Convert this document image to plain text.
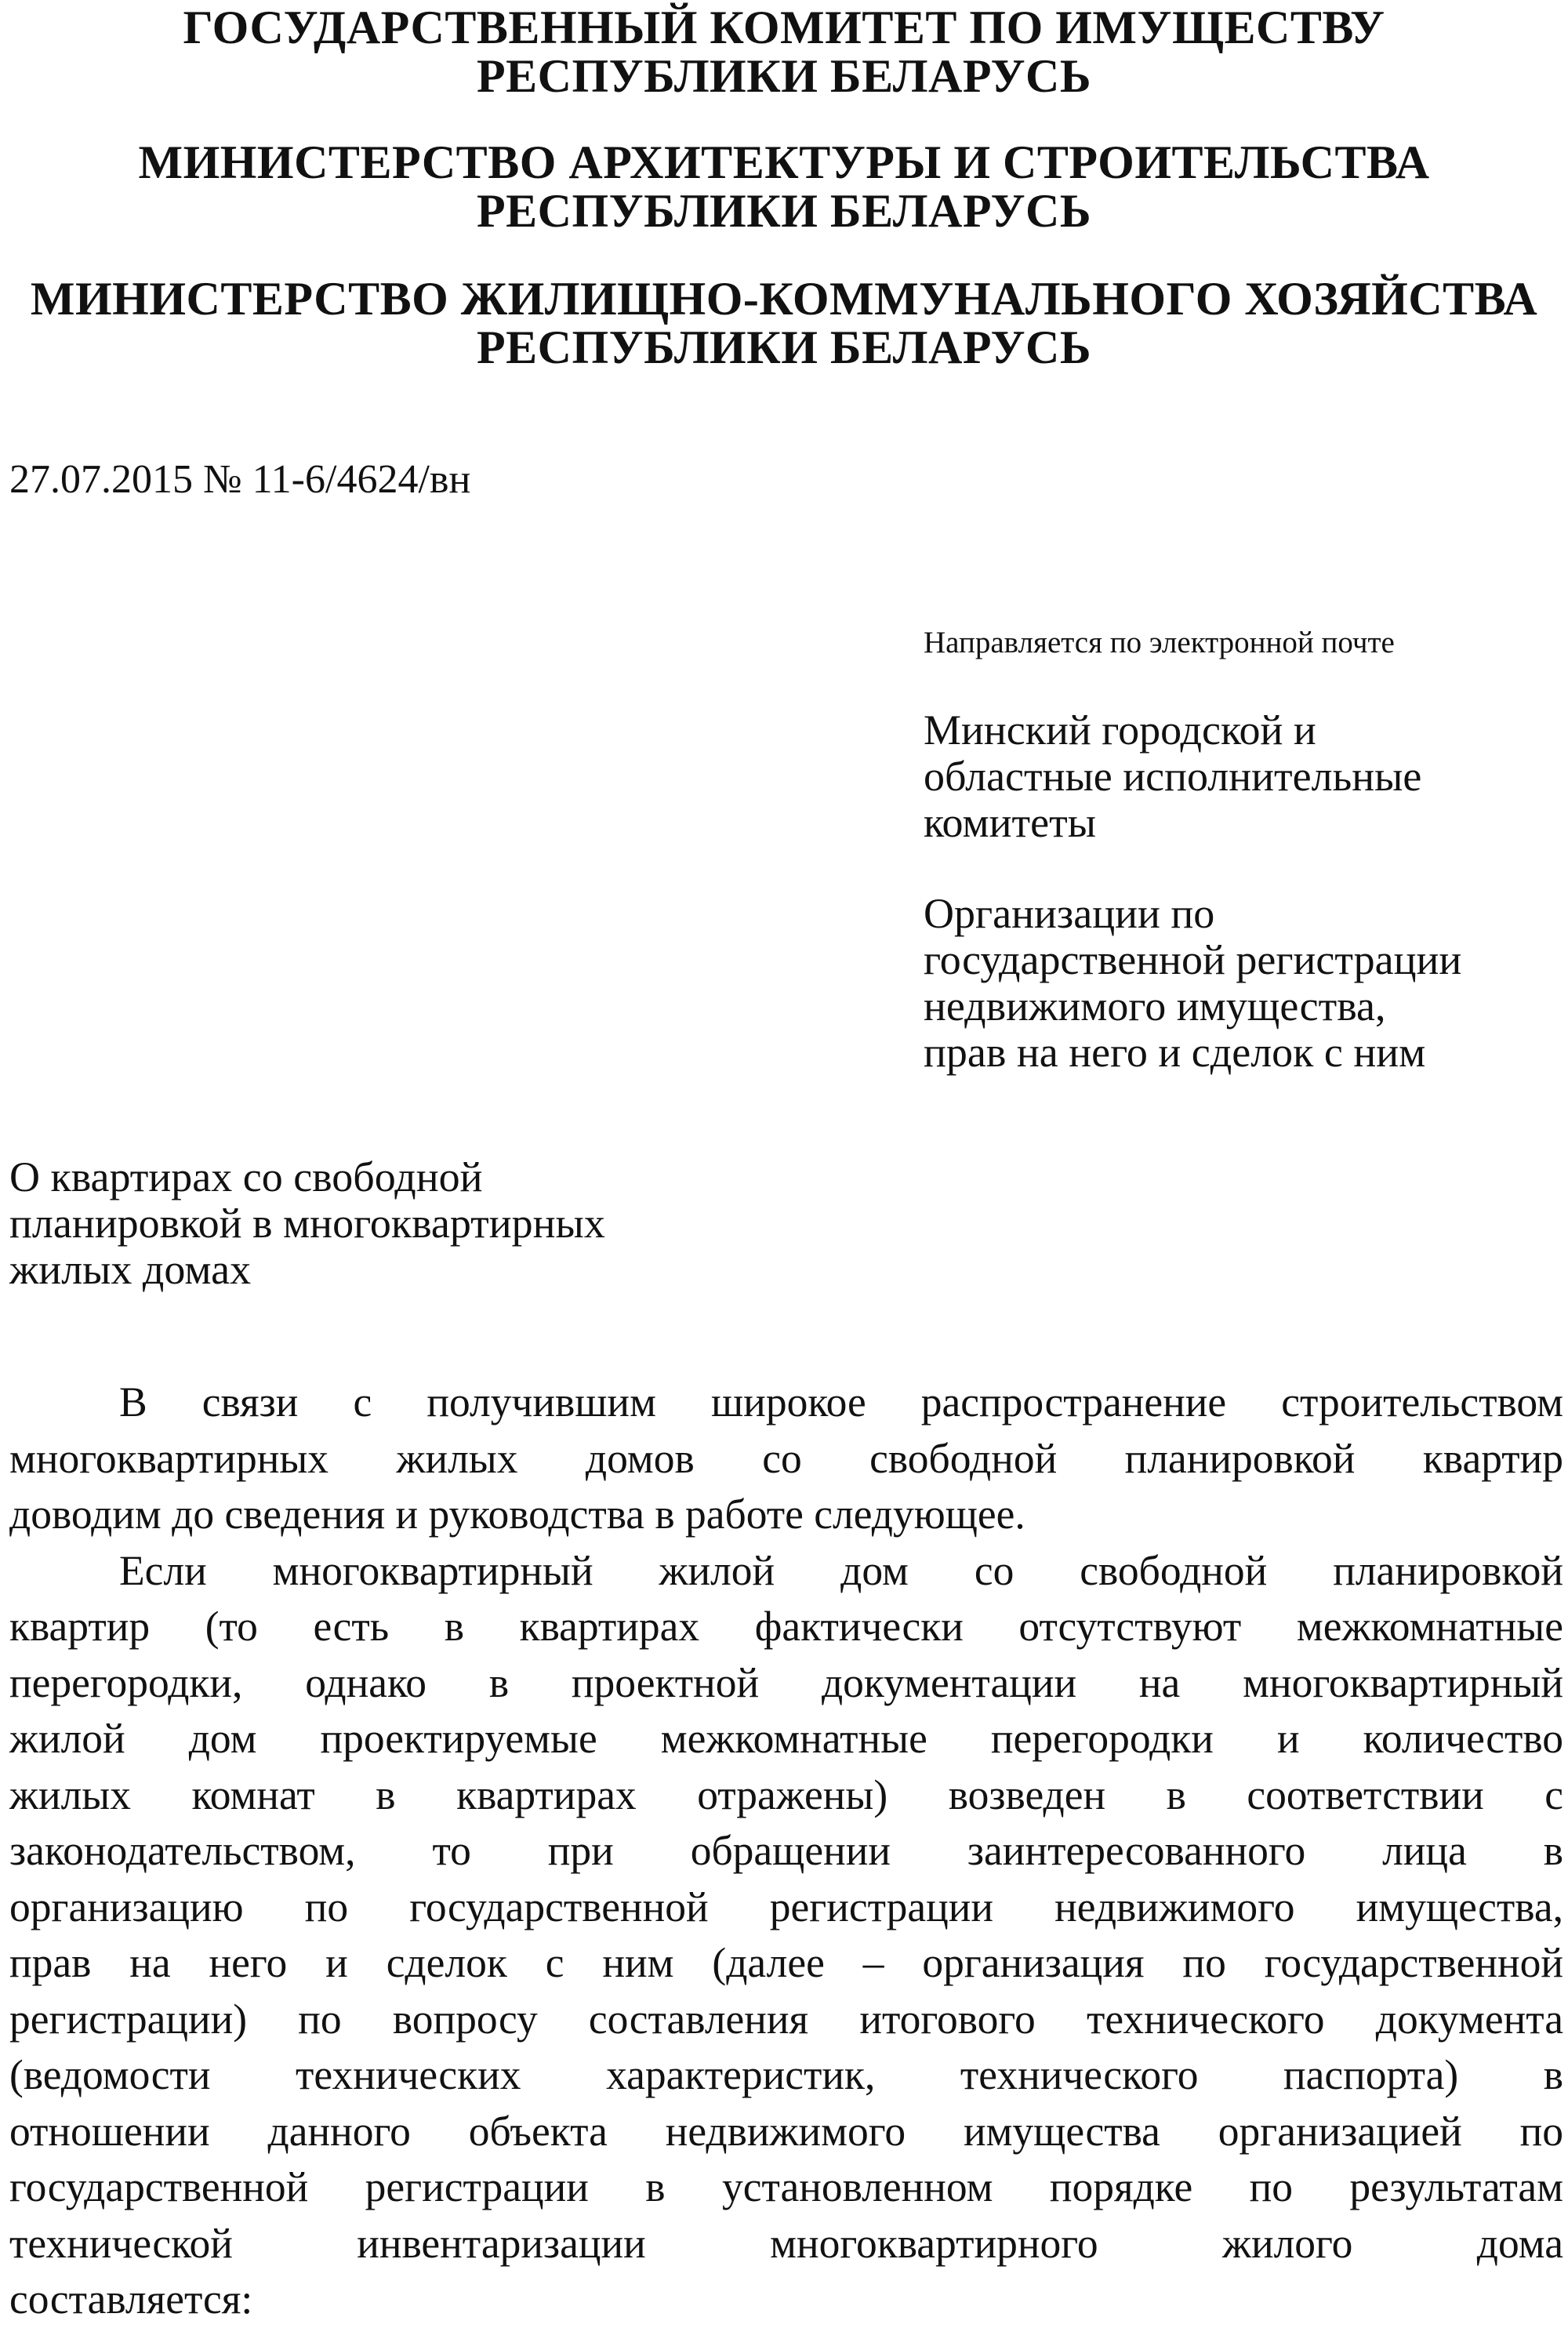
ГОСУДАРСТВЕННЫЙ КОМИТЕТ ПО ИМУЩЕСТВУ
РЕСПУБЛИКИ БЕЛАРУСЬ
МИНИСТЕРСТВО АРХИТЕКТУРЫ И СТРОИТЕЛЬСТВА
РЕСПУБЛИКИ БЕЛАРУСЬ
МИНИСТЕРСТВО ЖИЛИЩНО-КОММУНАЛЬНОГО ХОЗЯЙСТВА
РЕСПУБЛИКИ БЕЛАРУСЬ
27.07.2015 № 11-6/4624/вн
Направляется по электронной почте
Минский городской и
областные исполнительные
комитеты
Организации по
государственной регистрации
недвижимого имущества,
прав на него и сделок с ним
О квартирах со свободной
планировкой в многоквартирных
жилых домах
В связи с получившим широкое распространение строительством
многоквартирных жилых домов со свободной планировкой квартир
доводим до сведения и руководства в работе следующее.
Если многоквартирный жилой дом со свободной планировкой
квартир (то есть в квартирах фактически отсутствуют межкомнатные
перегородки, однако в проектной документации на многоквартирный
жилой дом проектируемые межкомнатные перегородки и количество
жилых комнат в квартирах отражены) возведен в соответствии с
законодательством, то при обращении заинтересованного лица в
организацию по государственной регистрации недвижимого имущества,
прав на него и сделок с ним (далее – организация по государственной
регистрации) по вопросу составления итогового технического документа
(ведомости технических характеристик, технического паспорта) в
отношении данного объекта недвижимого имущества организацией по
государственной регистрации в установленном порядке по результатам
технической инвентаризации многоквартирного жилого дома
составляется:
